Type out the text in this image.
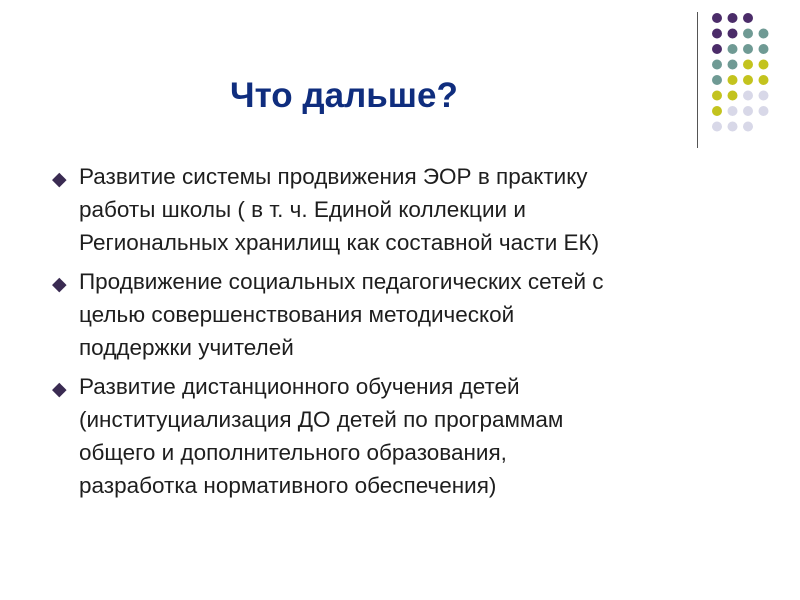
Что дальше?
◆ Развитие системы продвижения ЭОР в практику
работы школы ( в т. ч. Единой коллекции и
Региональных хранилищ как составной части ЕК)
◆ Продвижение социальных педагогических сетей с
целью совершенствования методической
поддержки учителей
◆ Развитие дистанционного обучения детей
(институциализация ДО детей по программам
общего и дополнительного образования,
разработка нормативного обеспечения)
